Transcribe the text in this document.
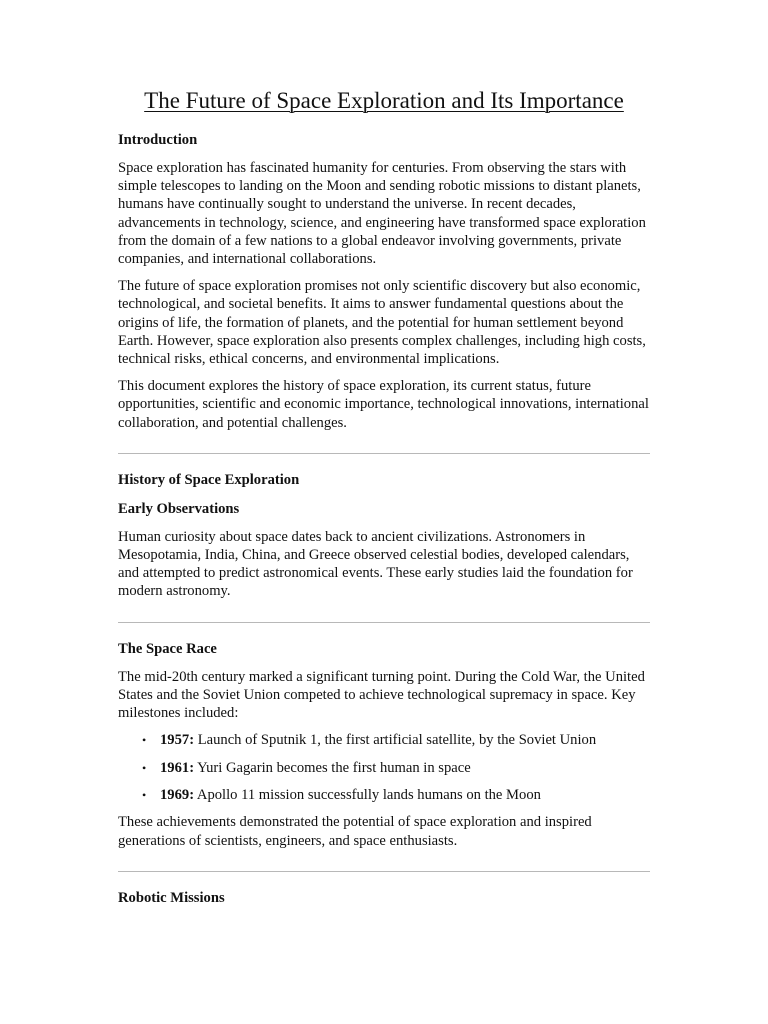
The Future of Space Exploration and Its Importance
Introduction

Space exploration has fascinated humanity for centuries. From observing the stars with simple telescopes to landing on the Moon and sending robotic missions to distant planets, humans have continually sought to understand the universe. In recent decades, advancements in technology, science, and engineering have transformed space exploration from the domain of a few nations to a global endeavor involving governments, private companies, and international collaborations.

The future of space exploration promises not only scientific discovery but also economic, technological, and societal benefits. It aims to answer fundamental questions about the origins of life, the formation of planets, and the potential for human settlement beyond Earth. However, space exploration also presents complex challenges, including high costs, technical risks, ethical concerns, and environmental implications.

This document explores the history of space exploration, its current status, future opportunities, scientific and economic importance, technological innovations, international collaboration, and potential challenges.

History of Space Exploration
Early Observations

Human curiosity about space dates back to ancient civilizations. Astronomers in Mesopotamia, India, China, and Greece observed celestial bodies, developed calendars, and attempted to predict astronomical events. These early studies laid the foundation for modern astronomy.

The Space Race

The mid-20th century marked a significant turning point. During the Cold War, the United States and the Soviet Union competed to achieve technological supremacy in space. Key milestones included:

• 1957: Launch of Sputnik 1, the first artificial satellite, by the Soviet Union
• 1961: Yuri Gagarin becomes the first human in space
• 1969: Apollo 11 mission successfully lands humans on the Moon

These achievements demonstrated the potential of space exploration and inspired generations of scientists, engineers, and space enthusiasts.

Robotic Missions
